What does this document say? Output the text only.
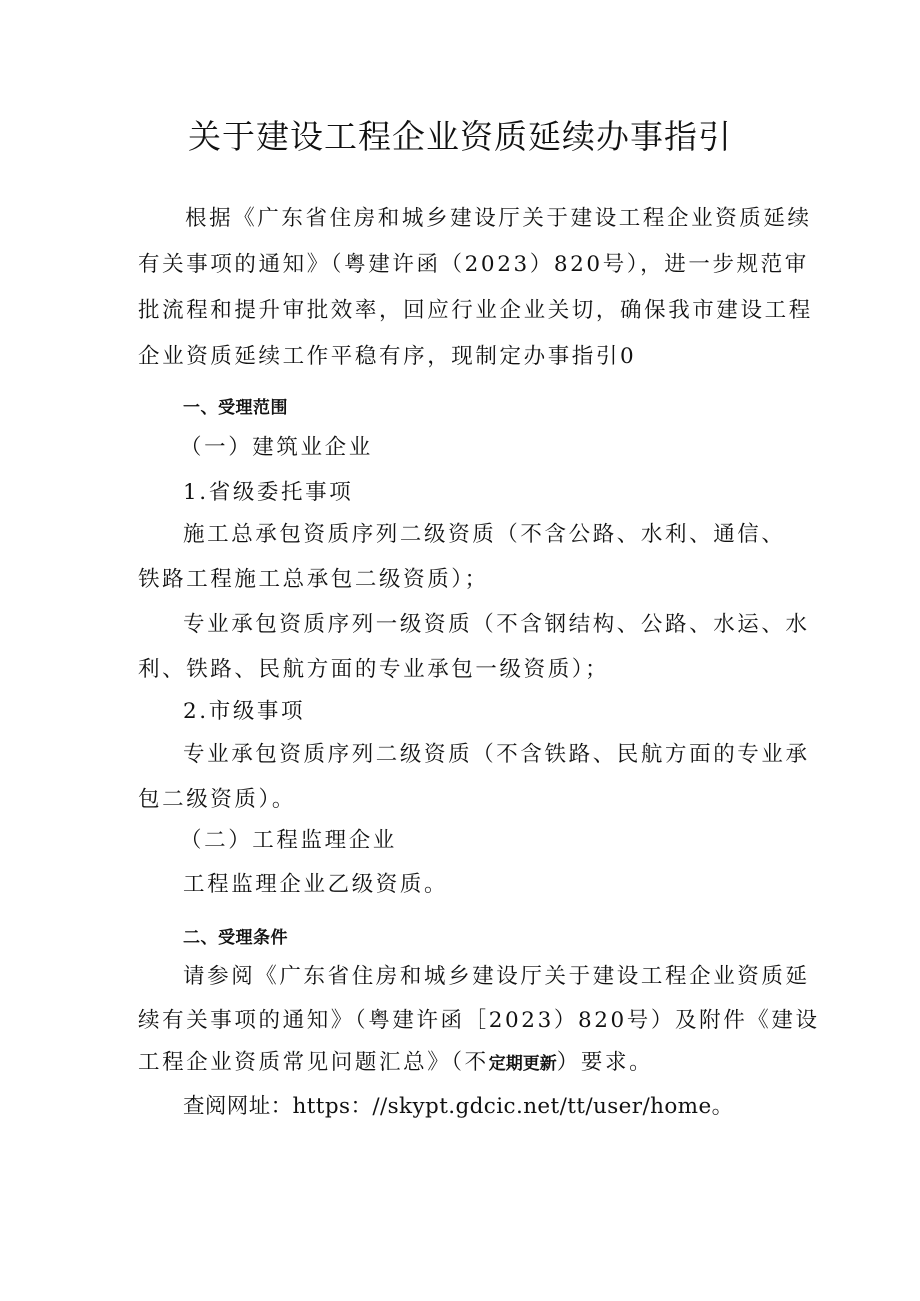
关于建设工程企业资质延续办事指引
根据《广东省住房和城乡建设厅关于建设工程企业资质延续
有关事项的通知》（粤建许函（2023）820号），进一步规范审
批流程和提升审批效率，回应行业企业关切，确保我市建设工程
企业资质延续工作平稳有序，现制定办事指引0
一、受理范围
（一）建筑业企业
1.省级委托事项
施工总承包资质序列二级资质（不含公路、水利、通信、
铁路工程施工总承包二级资质）；
专业承包资质序列一级资质（不含钢结构、公路、水运、水
利、铁路、民航方面的专业承包一级资质）；
2.市级事项
专业承包资质序列二级资质（不含铁路、民航方面的专业承
包二级资质）。
（二）工程监理企业
工程监理企业乙级资质。
二、受理条件
请参阅《广东省住房和城乡建设厅关于建设工程企业资质延
续有关事项的通知》（粤建许函［2023）820号）及附件《建设
工程企业资质常见问题汇总》（不定期更新）要求。
查阅网址：https：//skypt.gdcic.net/tt/user/home。
